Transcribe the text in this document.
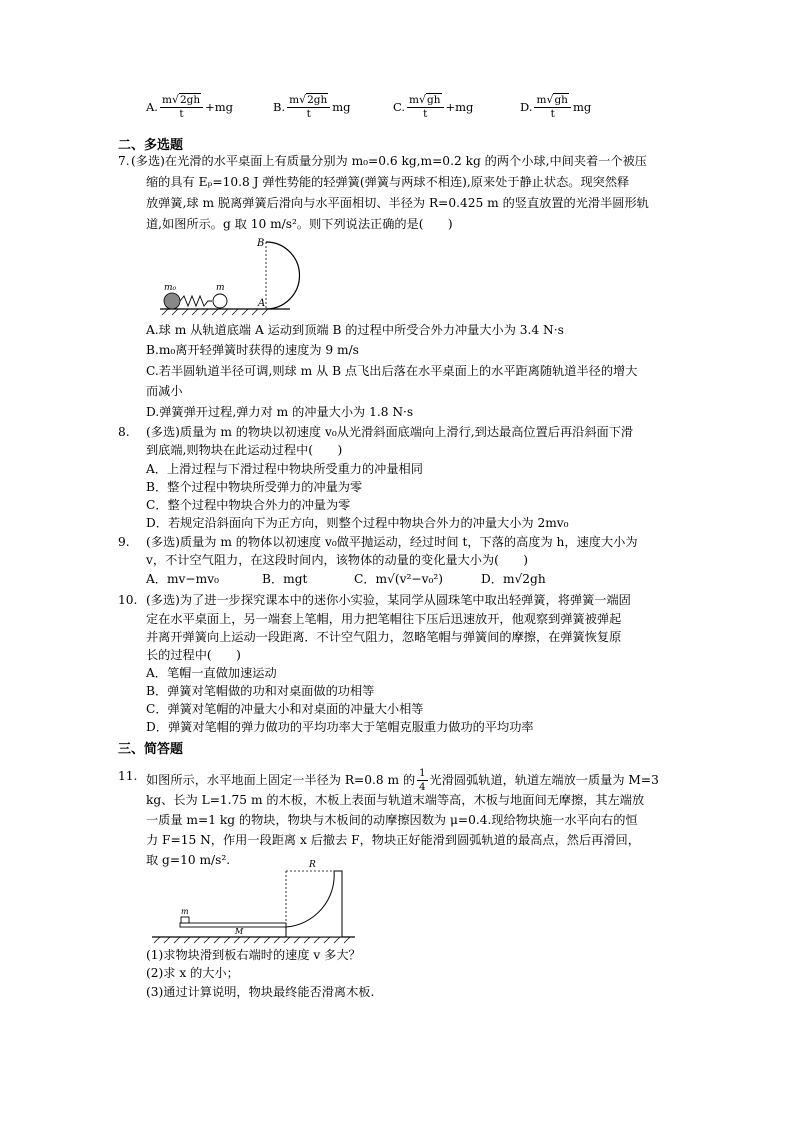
A. $\frac{m√2gh}{t} +mg$	B. $\frac{m√2gh}{t}$ mg	C. $\frac{m√gh}{t} +mg$	D. $\frac{m√gh}{t}$ mg
二、多选题
7. (多选)在光滑的水平桌面上有质量分别为 m₀=0.6 kg,m=0.2 kg 的两个小球,中间夹着一个被压
缩的具有 Eₚ=10.8 J 弹性势能的轻弹簧(弹簧与两球不相连),原来处于静止状态。现突然释
放弹簧,球 m 脱离弹簧后滑向与水平面相切、半径为 R=0.425 m 的竖直放置的光滑半圆形轨
道,如图所示。g 取 10 m/s²。则下列说法正确的是(　　)
B
A
m₀	m
A.球 m 从轨道底端 A 运动到顶端 B 的过程中所受合外力冲量大小为 3.4 N·s
B.m₀离开轻弹簧时获得的速度为 9 m/s
C.若半圆轨道半径可调,则球 m 从 B 点飞出后落在水平桌面上的水平距离随轨道半径的增大
而减小
D.弹簧弹开过程,弹力对 m 的冲量大小为 1.8 N·s
8. (多选)质量为 m 的物块以初速度 v₀从光滑斜面底端向上滑行,到达最高位置后再沿斜面下滑
到底端,则物块在此运动过程中(　　)
A．上滑过程与下滑过程中物块所受重力的冲量相同
B．整个过程中物块所受弹力的冲量为零
C．整个过程中物块合外力的冲量为零
D．若规定沿斜面向下为正方向，则整个过程中物块合外力的冲量大小为 2mv₀
9. (多选)质量为 m 的物体以初速度 v₀做平抛运动，经过时间 t，下落的高度为 h，速度大小为
v，不计空气阻力，在这段时间内，该物体的动量的变化量大小为(　　)
A．mv−mv₀	B．mgt	C．m√(v²−v₀²)	D．m√2gh
10. (多选)为了进一步探究课本中的迷你小实验，某同学从圆珠笔中取出轻弹簧，将弹簧一端固
定在水平桌面上，另一端套上笔帽，用力把笔帽往下压后迅速放开，他观察到弹簧被弹起
并离开弹簧向上运动一段距离．不计空气阻力，忽略笔帽与弹簧间的摩擦，在弹簧恢复原
长的过程中(　　)
A．笔帽一直做加速运动
B．弹簧对笔帽做的功和对桌面做的功相等
C．弹簧对笔帽的冲量大小和对桌面的冲量大小相等
D．弹簧对笔帽的弹力做功的平均功率大于笔帽克服重力做功的平均功率
三、简答题
11. 如图所示，水平地面上固定一半径为 R=0.8 m 的 $\frac{1}{4}$ 光滑圆弧轨道，轨道左端放一质量为 M=3
kg、长为 L=1.75 m 的木板，木板上表面与轨道末端等高，木板与地面间无摩擦，其左端放
一质量 m=1 kg 的物块，物块与木板间的动摩擦因数为 μ=0.4.现给物块施一水平向右的恒
力 F=15 N，作用一段距离 x 后撤去 F，物块正好能滑到圆弧轨道的最高点，然后再滑回，
取 g=10 m/s².	R
m
M
(1)求物块滑到板右端时的速度 v 多大？
(2)求 x 的大小；
(3)通过计算说明，物块最终能否滑离木板.
